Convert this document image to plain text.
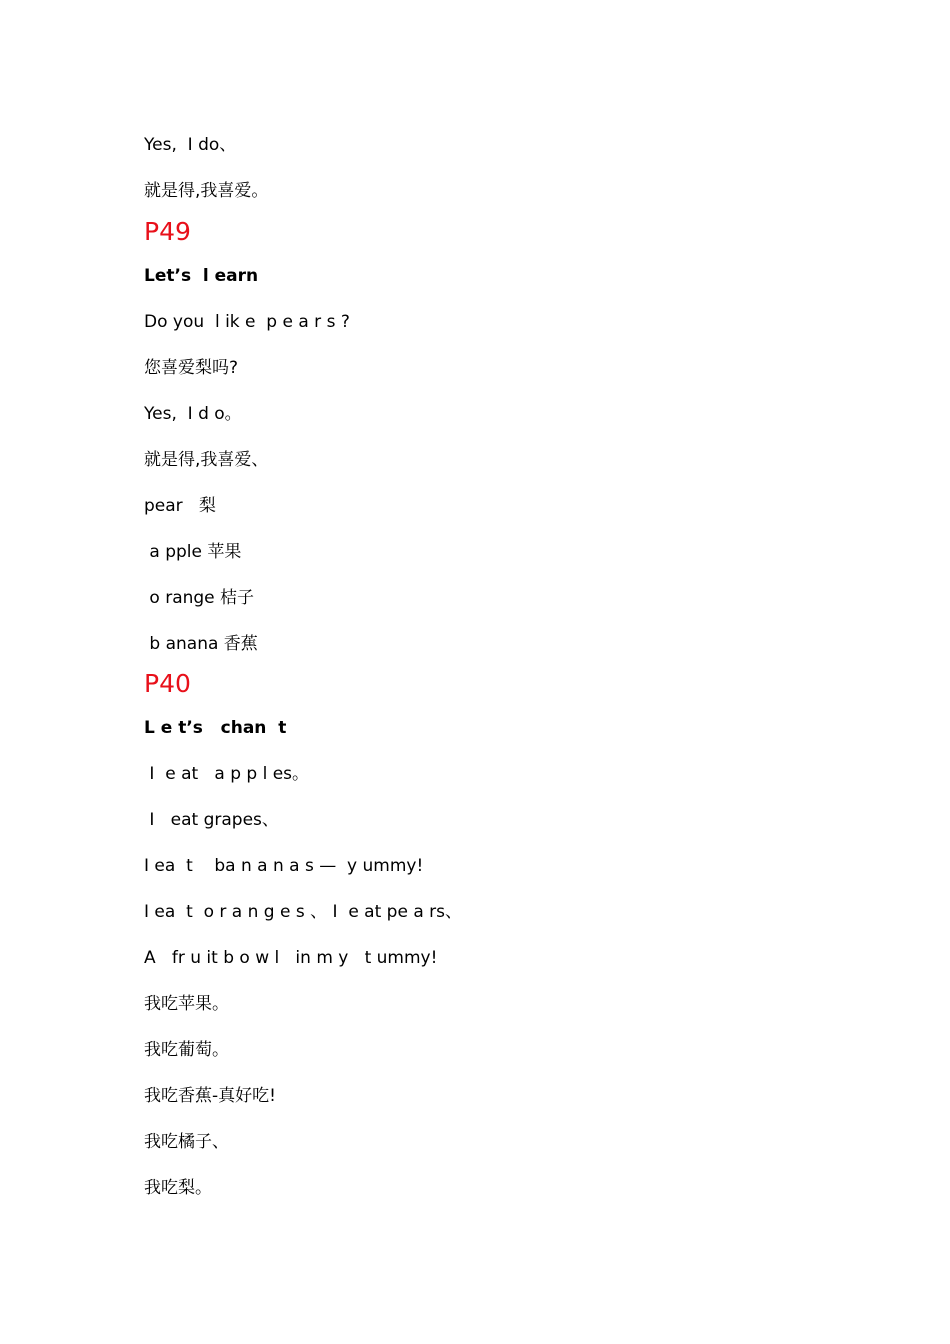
Yes,  I do、
就是得,我喜爱。
P49
Let’s  l earn
Do you  l ik e  p e a r s ?
您喜爱梨吗?
Yes,  I d o。
就是得,我喜爱、
pear   梨
a pple 苹果
o range 桔子
b anana 香蕉
P40
L e t’s   chan  t
I  e at   a p p l es。
I   eat grapes、
I ea  t    ba n a n a s —  y ummy!
I ea  t  o r a n g e s 、 I  e at pe a rs、
A   fr u it b o w l   in m y   t ummy!
我吃苹果。
我吃葡萄。
我吃香蕉-真好吃!
我吃橘子、
我吃梨。
